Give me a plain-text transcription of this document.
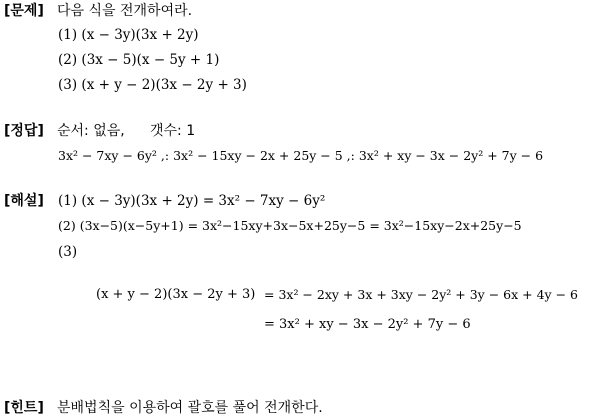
[문제] 다음 식을 전개하여라.
(1) (x − 3y)(3x + 2y)
(2) (3x − 5)(x − 5y + 1)
(3) (x + y − 2)(3x − 2y + 3)
[정답] 순서: 없음, 갯수: 1
3x² − 7xy − 6y² ,: 3x² − 15xy − 2x + 25y − 5 ,: 3x² + xy − 3x − 2y² + 7y − 6
[해설] (1) (x − 3y)(3x + 2y) = 3x² − 7xy − 6y²
(2) (3x−5)(x−5y+1) = 3x²−15xy+3x−5x+25y−5 = 3x²−15xy−2x+25y−5
(3)
(x + y − 2)(3x − 2y + 3) = 3x² − 2xy + 3x + 3xy − 2y² + 3y − 6x + 4y − 6
= 3x² + xy − 3x − 2y² + 7y − 6
[힌트] 분배법칙을 이용하여 괄호를 풀어 전개한다.
